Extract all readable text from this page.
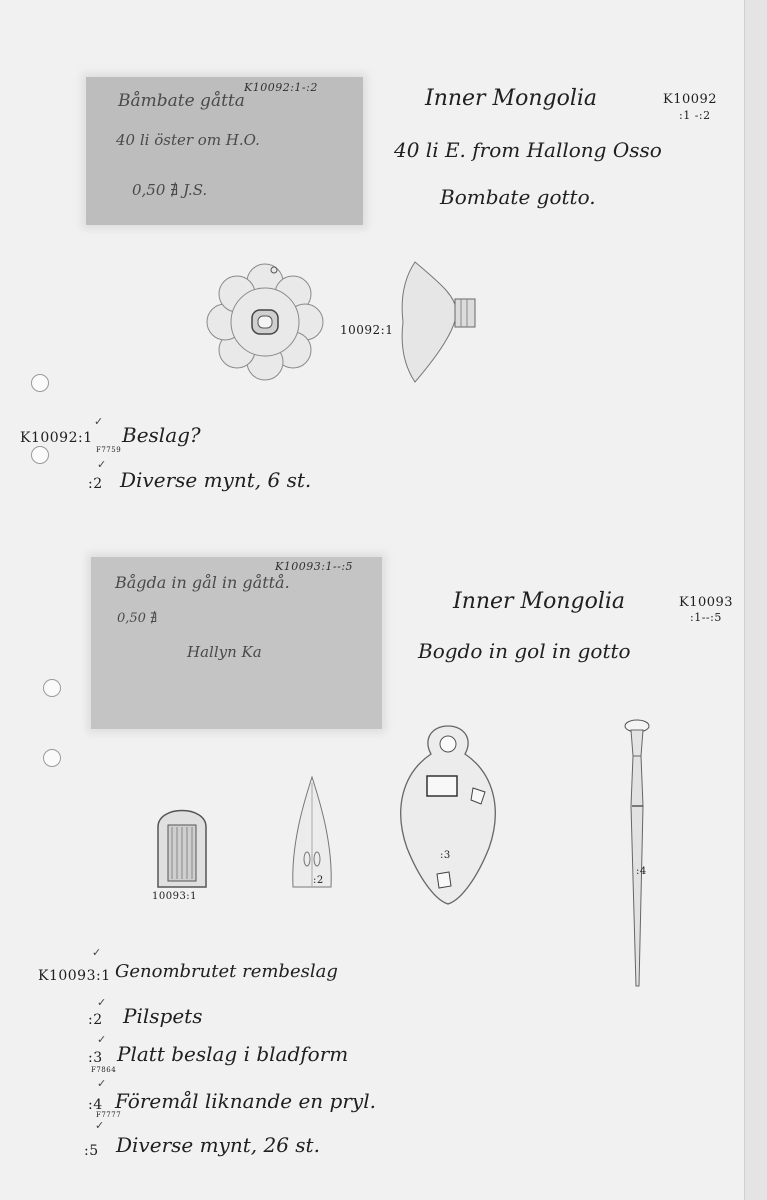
K10092:1-:2
Båmbate gåtta
40 li öster om H.O.
0,50 ∄ J.S.
Inner Mongolia	K10092
:1 -:2
40 li E. from Hallong Osso
Bombate gotto.
10092:1
K10092:1
✓
✓
F7759
Beslag?
:2 Diverse mynt, 6 st.
K10093:1--:5
Bågda in gål in gåttå.
0,50 ∄
Hallyn Ka
Inner Mongolia	K10093
:1--:5
Bogdo in gol in gotto
10093:1
:2
:3
:4
✓
K10093:1 Genombrutet rembeslag
✓
:2 Pilspets
✓
:3
F7864
Platt beslag i bladform
✓
:4
F7777
Föremål liknande en pryl.
✓
:5 Diverse mynt, 26 st.
